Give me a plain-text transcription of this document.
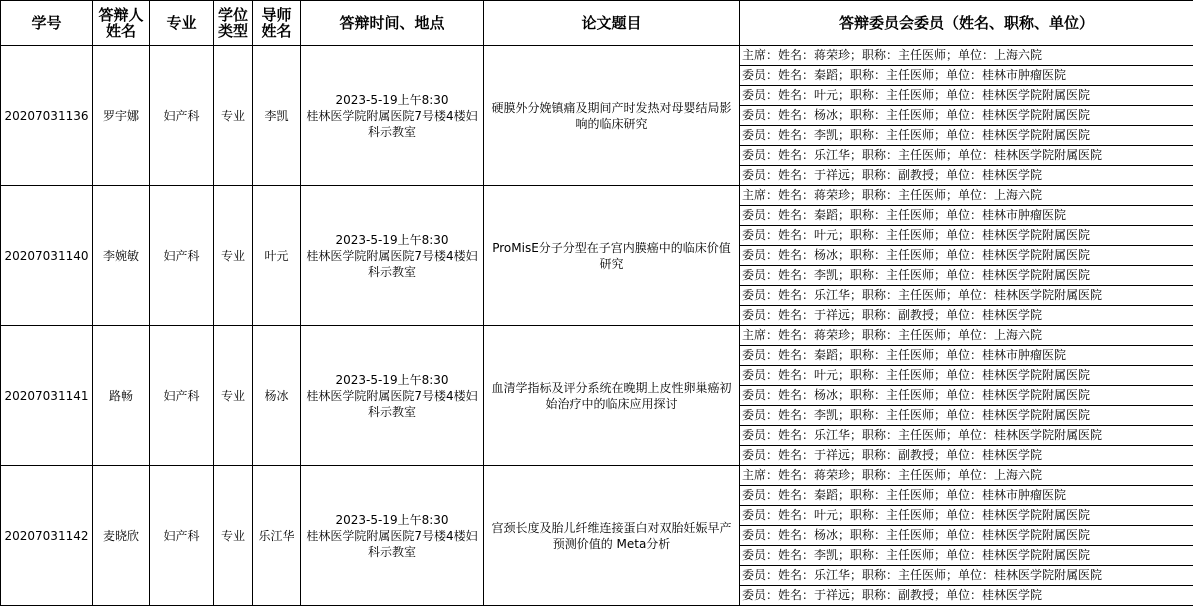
学号	答辩人姓名	专业	学位类型	导师姓名	答辩时间、地点	论文题目	答辩委员会委员（姓名、职称、单位）

20207031136	罗宇娜	妇产科	专业	李凯	2023-5-19上午8:30
桂林医学院附属医院7号楼4楼妇科示教室	硬膜外分娩镇痛及期间产时发热对母婴结局影响的临床研究	主席：姓名：蒋荣珍；职称：主任医师；单位：上海六院
							委员：姓名：秦蹈；职称：主任医师；单位：桂林市肿瘤医院
							委员：姓名：叶元；职称：主任医师；单位：桂林医学院附属医院
							委员：姓名：杨冰；职称：主任医师；单位：桂林医学院附属医院
							委员：姓名：李凯；职称：主任医师；单位：桂林医学院附属医院
							委员：姓名：乐江华；职称：主任医师；单位：桂林医学院附属医院
							委员：姓名：于祥远；职称：副教授；单位：桂林医学院

20207031140	李婉敏	妇产科	专业	叶元	2023-5-19上午8:30
桂林医学院附属医院7号楼4楼妇科示教室	ProMisE分子分型在子宫内膜癌中的临床价值研究	主席：姓名：蒋荣珍；职称：主任医师；单位：上海六院
							委员：姓名：秦蹈；职称：主任医师；单位：桂林市肿瘤医院
							委员：姓名：叶元；职称：主任医师；单位：桂林医学院附属医院
							委员：姓名：杨冰；职称：主任医师；单位：桂林医学院附属医院
							委员：姓名：李凯；职称：主任医师；单位：桂林医学院附属医院
							委员：姓名：乐江华；职称：主任医师；单位：桂林医学院附属医院
							委员：姓名：于祥远；职称：副教授；单位：桂林医学院

20207031141	路畅	妇产科	专业	杨冰	2023-5-19上午8:30
桂林医学院附属医院7号楼4楼妇科示教室	血清学指标及评分系统在晚期上皮性卵巢癌初始治疗中的临床应用探讨	主席：姓名：蒋荣珍；职称：主任医师；单位：上海六院
							委员：姓名：秦蹈；职称：主任医师；单位：桂林市肿瘤医院
							委员：姓名：叶元；职称：主任医师；单位：桂林医学院附属医院
							委员：姓名：杨冰；职称：主任医师；单位：桂林医学院附属医院
							委员：姓名：李凯；职称：主任医师；单位：桂林医学院附属医院
							委员：姓名：乐江华；职称：主任医师；单位：桂林医学院附属医院
							委员：姓名：于祥远；职称：副教授；单位：桂林医学院

20207031142	麦晓欣	妇产科	专业	乐江华	2023-5-19上午8:30
桂林医学院附属医院7号楼4楼妇科示教室	宫颈长度及胎儿纤维连接蛋白对双胎妊娠早产预测价值的 Meta分析	主席：姓名：蒋荣珍；职称：主任医师；单位：上海六院
							委员：姓名：秦蹈；职称：主任医师；单位：桂林市肿瘤医院
							委员：姓名：叶元；职称：主任医师；单位：桂林医学院附属医院
							委员：姓名：杨冰；职称：主任医师；单位：桂林医学院附属医院
							委员：姓名：李凯；职称：主任医师；单位：桂林医学院附属医院
							委员：姓名：乐江华；职称：主任医师；单位：桂林医学院附属医院
							委员：姓名：于祥远；职称：副教授；单位：桂林医学院
